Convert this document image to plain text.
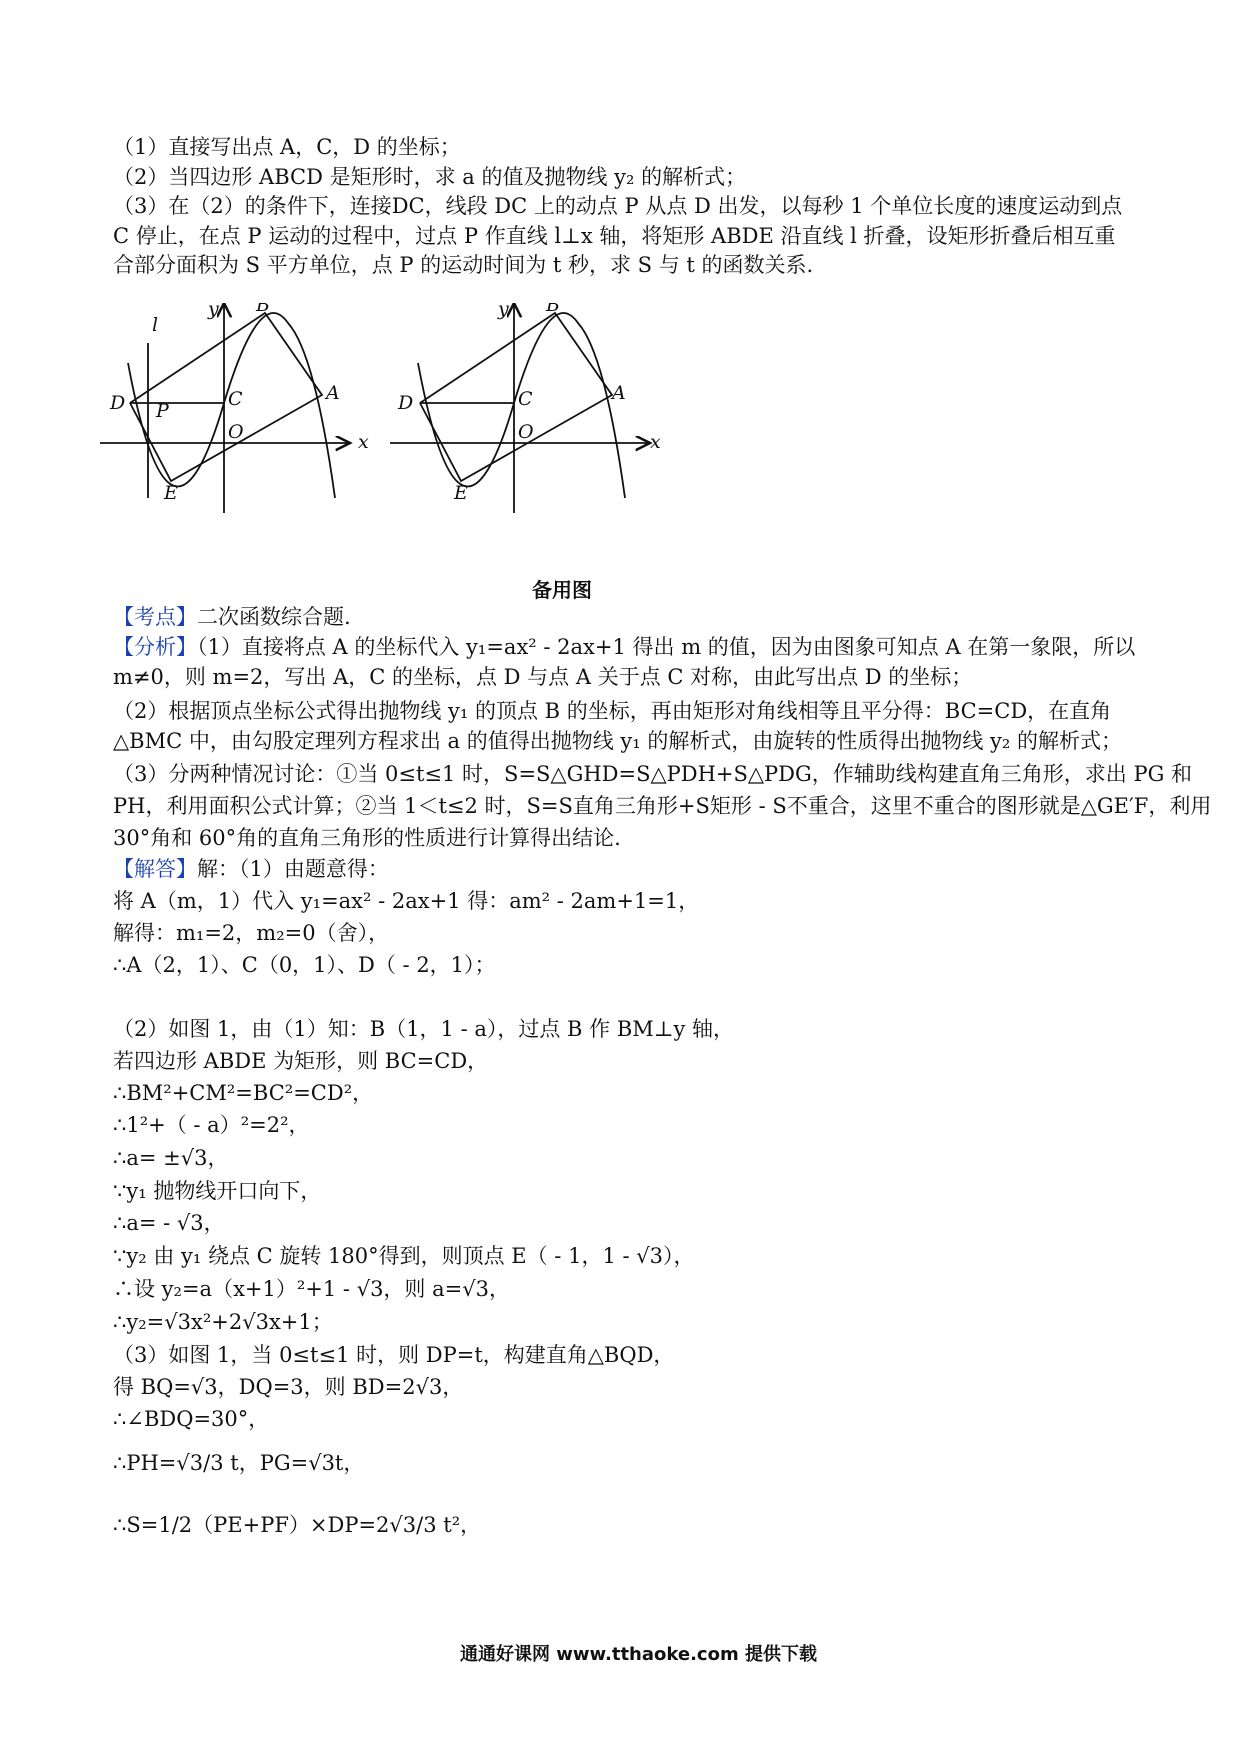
（1）直接写出点 A，C，D 的坐标；
（2）当四边形 ABCD 是矩形时，求 a 的值及抛物线 y₂ 的解析式；
（3）在（2）的条件下，连接DC，线段 DC 上的动点 P 从点 D 出发，以每秒 1 个单位长度的速度运动到点
C 停止，在点 P 运动的过程中，过点 P 作直线 l⊥x 轴，将矩形 ABDE 沿直线 l 折叠，设矩形折叠后相互重
合部分面积为 S 平方单位，点 P 的运动时间为 t 秒，求 S 与 t 的函数关系.
y
x
l
B
D P
C	A
O
E
y
x
B
D	C	A
O
E
备用图
【考点】二次函数综合题.
【分析】（1）直接将点 A 的坐标代入 y₁=ax² - 2ax+1 得出 m 的值，因为由图象可知点 A 在第一象限，所以
m≠0，则 m=2，写出 A，C 的坐标，点 D 与点 A 关于点 C 对称，由此写出点 D 的坐标；
（2）根据顶点坐标公式得出抛物线 y₁ 的顶点 B 的坐标，再由矩形对角线相等且平分得：BC=CD，在直角
△BMC 中，由勾股定理列方程求出 a 的值得出抛物线 y₁ 的解析式，由旋转的性质得出抛物线 y₂ 的解析式；
（3）分两种情况讨论：①当 0≤t≤1 时，S=S△GHD=S△PDH+S△PDG，作辅助线构建直角三角形，求出 PG 和
PH，利用面积公式计算；②当 1＜t≤2 时，S=S直角三角形+S矩形 - S不重合，这里不重合的图形就是△GE′F，利用
30°角和 60°角的直角三角形的性质进行计算得出结论.
【解答】解：（1）由题意得：
将 A（m，1）代入 y₁=ax² - 2ax+1 得：am² - 2am+1=1，
解得：m₁=2，m₂=0（舍），
∴A（2，1）、C（0，1）、D（ - 2，1）；
（2）如图 1，由（1）知：B（1，1 - a），过点 B 作 BM⊥y 轴，
若四边形 ABDE 为矩形，则 BC=CD，
∴BM²+CM²=BC²=CD²，
∴1²+（ - a）²=2²，
∴a= ±√3，
∵y₁ 抛物线开口向下，
∴a= - √3，
∵y₂ 由 y₁ 绕点 C 旋转 180°得到，则顶点 E（ - 1，1 - √3），
∴设 y₂=a（x+1）²+1 - √3，则 a=√3，
∴y₂=√3x²+2√3x+1；
（3）如图 1，当 0≤t≤1 时，则 DP=t，构建直角△BQD，
得 BQ=√3，DQ=3，则 BD=2√3，
∴∠BDQ=30°，
∴PH=√3/3 t，PG=√3t，
∴S=1/2（PE+PF）×DP=2√3/3 t²，
通通好课网 www.tthaoke.com 提供下载
